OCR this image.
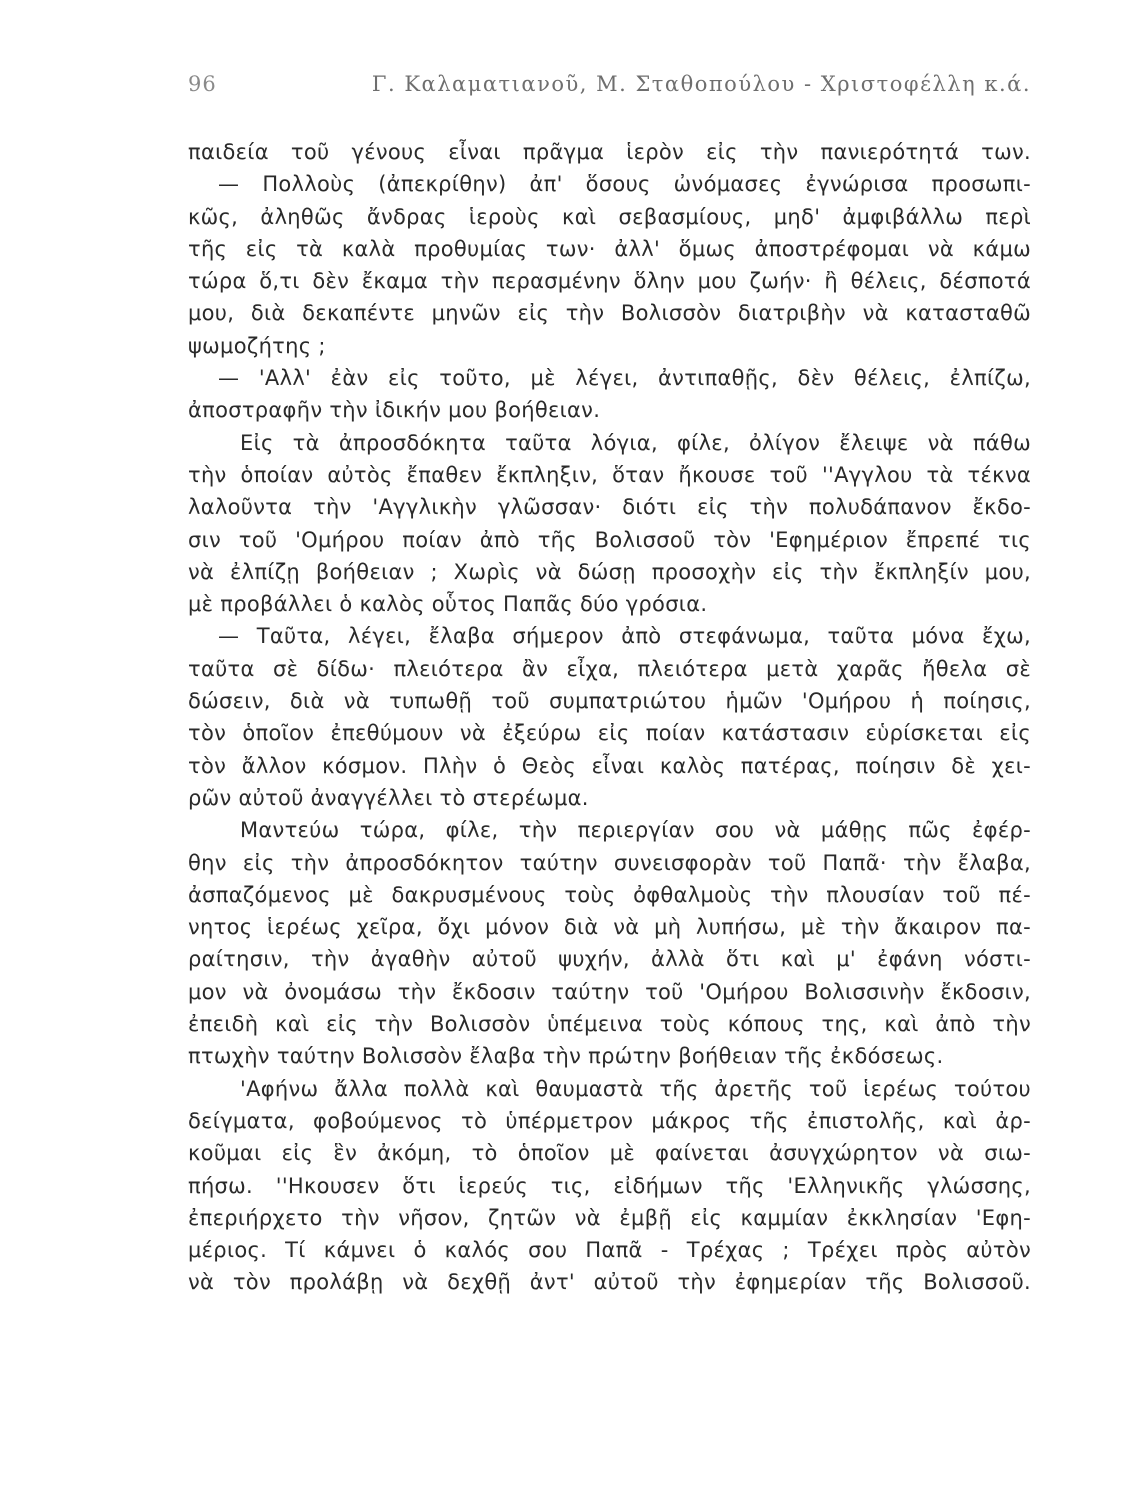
96	Γ. Καλαματιανοῦ, Μ. Σταθοπούλου - Χριστοφέλλη κ.ά.
παιδεία τοῦ γένους εἶναι πρᾶγμα ἱερὸν εἰς τὴν πανιερότητά των.
— Πολλοὺς (ἀπεκρίθην) ἀπ' ὅσους ὠνόμασες ἐγνώρισα προσωπι-
κῶς, ἀληθῶς ἄνδρας ἱεροὺς καὶ σεβασμίους, μηδ' ἀμφιβάλλω περὶ
τῆς εἰς τὰ καλὰ προθυμίας των· ἀλλ' ὅμως ἀποστρέφομαι νὰ κάμω
τώρα ὅ,τι δὲν ἔκαμα τὴν περασμένην ὅλην μου ζωήν· ἢ θέλεις, δέσποτά
μου, διὰ δεκαπέντε μηνῶν εἰς τὴν Βολισσὸν διατριβὴν νὰ κατασταθῶ
ψωμοζήτης ;
— 'Αλλ' ἐὰν εἰς τοῦτο, μὲ λέγει, ἀντιπαθῇς, δὲν θέλεις, ἐλπίζω,
ἀποστραφῆν τὴν ἰδικήν μου βοήθειαν.
Εἰς τὰ ἀπροσδόκητα ταῦτα λόγια, φίλε, ὀλίγον ἔλειψε νὰ πάθω
τὴν ὁποίαν αὐτὸς ἔπαθεν ἔκπληξιν, ὅταν ἤκουσε τοῦ ''Αγγλου τὰ τέκνα
λαλοῦντα τὴν 'Αγγλικὴν γλῶσσαν· διότι εἰς τὴν πολυδάπανον ἔκδο-
σιν τοῦ 'Ομήρου ποίαν ἀπὸ τῆς Βολισσοῦ τὸν 'Εφημέριον ἔπρεπέ τις
νὰ ἐλπίζῃ βοήθειαν ; Χωρὶς νὰ δώσῃ προσοχὴν εἰς τὴν ἔκπληξίν μου,
μὲ προβάλλει ὁ καλὸς οὗτος Παπᾶς δύο γρόσια.
— Ταῦτα, λέγει, ἔλαβα σήμερον ἀπὸ στεφάνωμα, ταῦτα μόνα ἔχω,
ταῦτα σὲ δίδω· πλειότερα ἂν εἶχα, πλειότερα μετὰ χαρᾶς ἤθελα σὲ
δώσειν, διὰ νὰ τυπωθῇ τοῦ συμπατριώτου ἡμῶν 'Ομήρου ἡ ποίησις,
τὸν ὁποῖον ἐπεθύμουν νὰ ἐξεύρω εἰς ποίαν κατάστασιν εὑρίσκεται εἰς
τὸν ἄλλον κόσμον. Πλὴν ὁ Θεὸς εἶναι καλὸς πατέρας, ποίησιν δὲ χει-
ρῶν αὐτοῦ ἀναγγέλλει τὸ στερέωμα.
Μαντεύω τώρα, φίλε, τὴν περιεργίαν σου νὰ μάθῃς πῶς ἐφέρ-
θην εἰς τὴν ἀπροσδόκητον ταύτην συνεισφορὰν τοῦ Παπᾶ· τὴν ἔλαβα,
ἀσπαζόμενος μὲ δακρυσμένους τοὺς ὀφθαλμοὺς τὴν πλουσίαν τοῦ πέ-
νητος ἱερέως χεῖρα, ὄχι μόνον διὰ νὰ μὴ λυπήσω, μὲ τὴν ἄκαιρον πα-
ραίτησιν, τὴν ἀγαθὴν αὐτοῦ ψυχήν, ἀλλὰ ὅτι καὶ μ' ἐφάνη νόστι-
μον νὰ ὀνομάσω τὴν ἔκδοσιν ταύτην τοῦ 'Ομήρου Βολισσινὴν ἔκδοσιν,
ἐπειδὴ καὶ εἰς τὴν Βολισσὸν ὑπέμεινα τοὺς κόπους της, καὶ ἀπὸ τὴν
πτωχὴν ταύτην Βολισσὸν ἔλαβα τὴν πρώτην βοήθειαν τῆς ἐκδόσεως.
'Αφήνω ἄλλα πολλὰ καὶ θαυμαστὰ τῆς ἀρετῆς τοῦ ἱερέως τούτου
δείγματα, φοβούμενος τὸ ὑπέρμετρον μάκρος τῆς ἐπιστολῆς, καὶ ἀρ-
κοῦμαι εἰς ἓν ἀκόμη, τὸ ὁποῖον μὲ φαίνεται ἀσυγχώρητον νὰ σιω-
πήσω. ''Ηκουσεν ὅτι ἱερεύς τις, εἰδήμων τῆς 'Ελληνικῆς γλώσσης,
ἐπεριήρχετο τὴν νῆσον, ζητῶν νὰ ἐμβῇ εἰς καμμίαν ἐκκλησίαν 'Εφη-
μέριος. Τί κάμνει ὁ καλός σου Παπᾶ - Τρέχας ; Τρέχει πρὸς αὐτὸν
νὰ τὸν προλάβῃ νὰ δεχθῇ ἀντ' αὐτοῦ τὴν ἐφημερίαν τῆς Βολισσοῦ.
